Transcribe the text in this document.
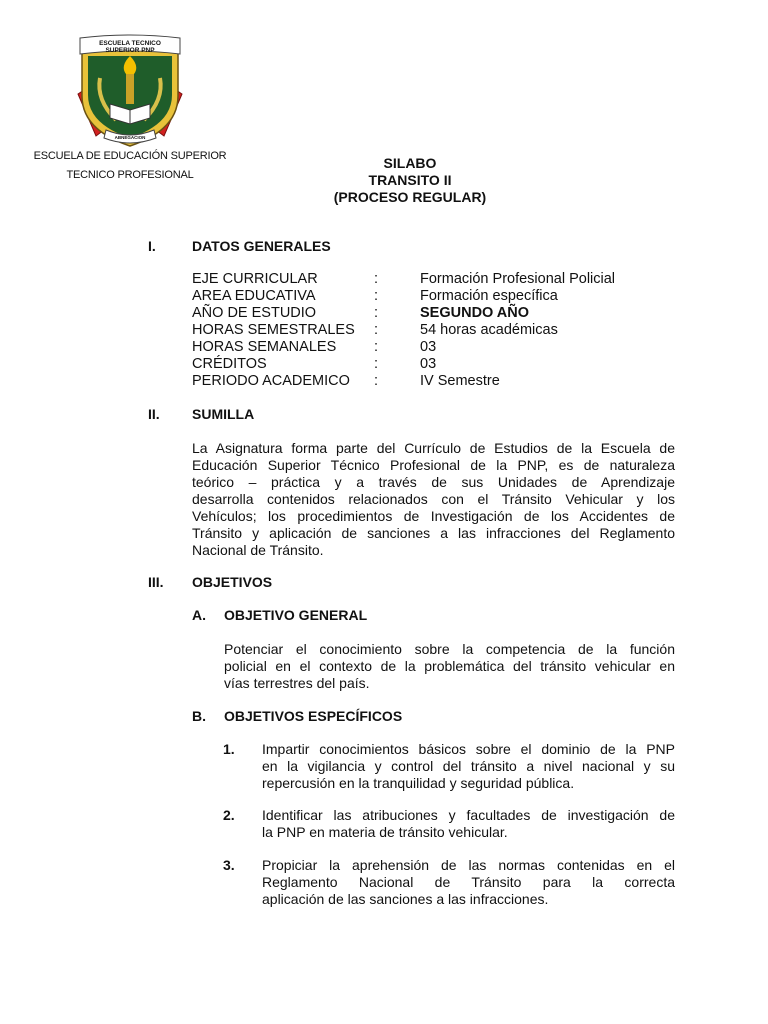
ESCUELA TECNICO SUPERIOR PNP
ABNEGACION
ESCUELA DE EDUCACIÓN SUPERIOR
TECNICO PROFESIONAL
SILABO
TRANSITO II
(PROCESO REGULAR)
I.	DATOS GENERALES
EJE CURRICULAR	:	Formación Profesional Policial
AREA EDUCATIVA	:	Formación específica
AÑO DE ESTUDIO	:	SEGUNDO AÑO
HORAS SEMESTRALES :	54 horas académicas
HORAS SEMANALES	:	03
CRÉDITOS	:	03
PERIODO ACADEMICO :	IV Semestre
II. SUMILLA
La Asignatura forma parte del Currículo de Estudios de la Escuela de
Educación Superior Técnico Profesional de la PNP, es de naturaleza
teórico – práctica y a través de sus Unidades de Aprendizaje
desarrolla contenidos relacionados con el Tránsito Vehicular y los
Vehículos; los procedimientos de Investigación de los Accidentes de
Tránsito y aplicación de sanciones a las infracciones del Reglamento
Nacional de Tránsito.
III. OBJETIVOS
A. OBJETIVO GENERAL
Potenciar el conocimiento sobre la competencia de la función
policial en el contexto de la problemática del tránsito vehicular en
vías terrestres del país.
B. OBJETIVOS ESPECÍFICOS
1. Impartir conocimientos básicos sobre el dominio de la PNP
en la vigilancia y control del tránsito a nivel nacional y su
repercusión en la tranquilidad y seguridad pública.
2. Identificar las atribuciones y facultades de investigación de
la PNP en materia de tránsito vehicular.
3. Propiciar la aprehensión de las normas contenidas en el
Reglamento Nacional de Tránsito para la correcta
aplicación de las sanciones a las infracciones.
